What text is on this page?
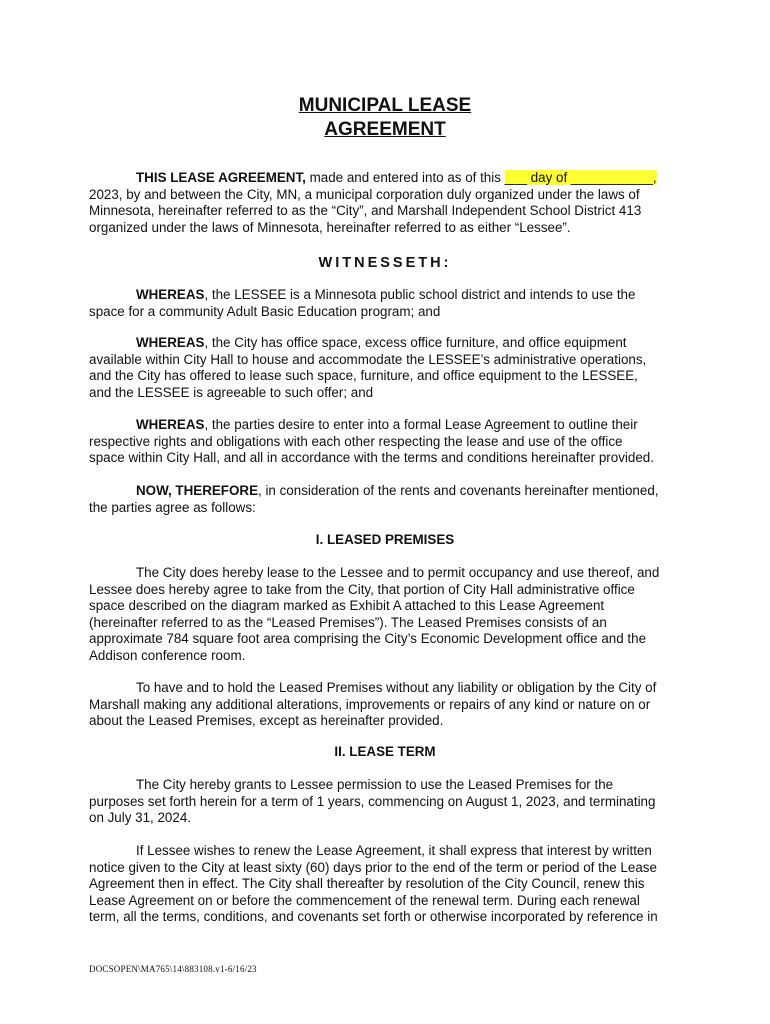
MUNICIPAL LEASE
AGREEMENT
THIS LEASE AGREEMENT, made and entered into as of this ___ day of ___________,
2023, by and between the City, MN, a municipal corporation duly organized under the laws of
Minnesota, hereinafter referred to as the “City”, and Marshall Independent School District 413
organized under the laws of Minnesota, hereinafter referred to as either “Lessee”.
WITNESSETH:
WHEREAS, the LESSEE is a Minnesota public school district and intends to use the
space for a community Adult Basic Education program; and
WHEREAS, the City has office space, excess office furniture, and office equipment
available within City Hall to house and accommodate the LESSEE’s administrative operations,
and the City has offered to lease such space, furniture, and office equipment to the LESSEE,
and the LESSEE is agreeable to such offer; and
WHEREAS, the parties desire to enter into a formal Lease Agreement to outline their
respective rights and obligations with each other respecting the lease and use of the office
space within City Hall, and all in accordance with the terms and conditions hereinafter provided.
NOW, THEREFORE, in consideration of the rents and covenants hereinafter mentioned,
the parties agree as follows:
I. LEASED PREMISES
The City does hereby lease to the Lessee and to permit occupancy and use thereof, and
Lessee does hereby agree to take from the City, that portion of City Hall administrative office
space described on the diagram marked as Exhibit A attached to this Lease Agreement
(hereinafter referred to as the “Leased Premises”). The Leased Premises consists of an
approximate 784 square foot area comprising the City’s Economic Development office and the
Addison conference room.
To have and to hold the Leased Premises without any liability or obligation by the City of
Marshall making any additional alterations, improvements or repairs of any kind or nature on or
about the Leased Premises, except as hereinafter provided.
II. LEASE TERM
The City hereby grants to Lessee permission to use the Leased Premises for the
purposes set forth herein for a term of 1 years, commencing on August 1, 2023, and terminating
on July 31, 2024.
If Lessee wishes to renew the Lease Agreement, it shall express that interest by written
notice given to the City at least sixty (60) days prior to the end of the term or period of the Lease
Agreement then in effect. The City shall thereafter by resolution of the City Council, renew this
Lease Agreement on or before the commencement of the renewal term. During each renewal
term, all the terms, conditions, and covenants set forth or otherwise incorporated by reference in
DOCSOPEN\MA765\14\883108.v1-6/16/23
